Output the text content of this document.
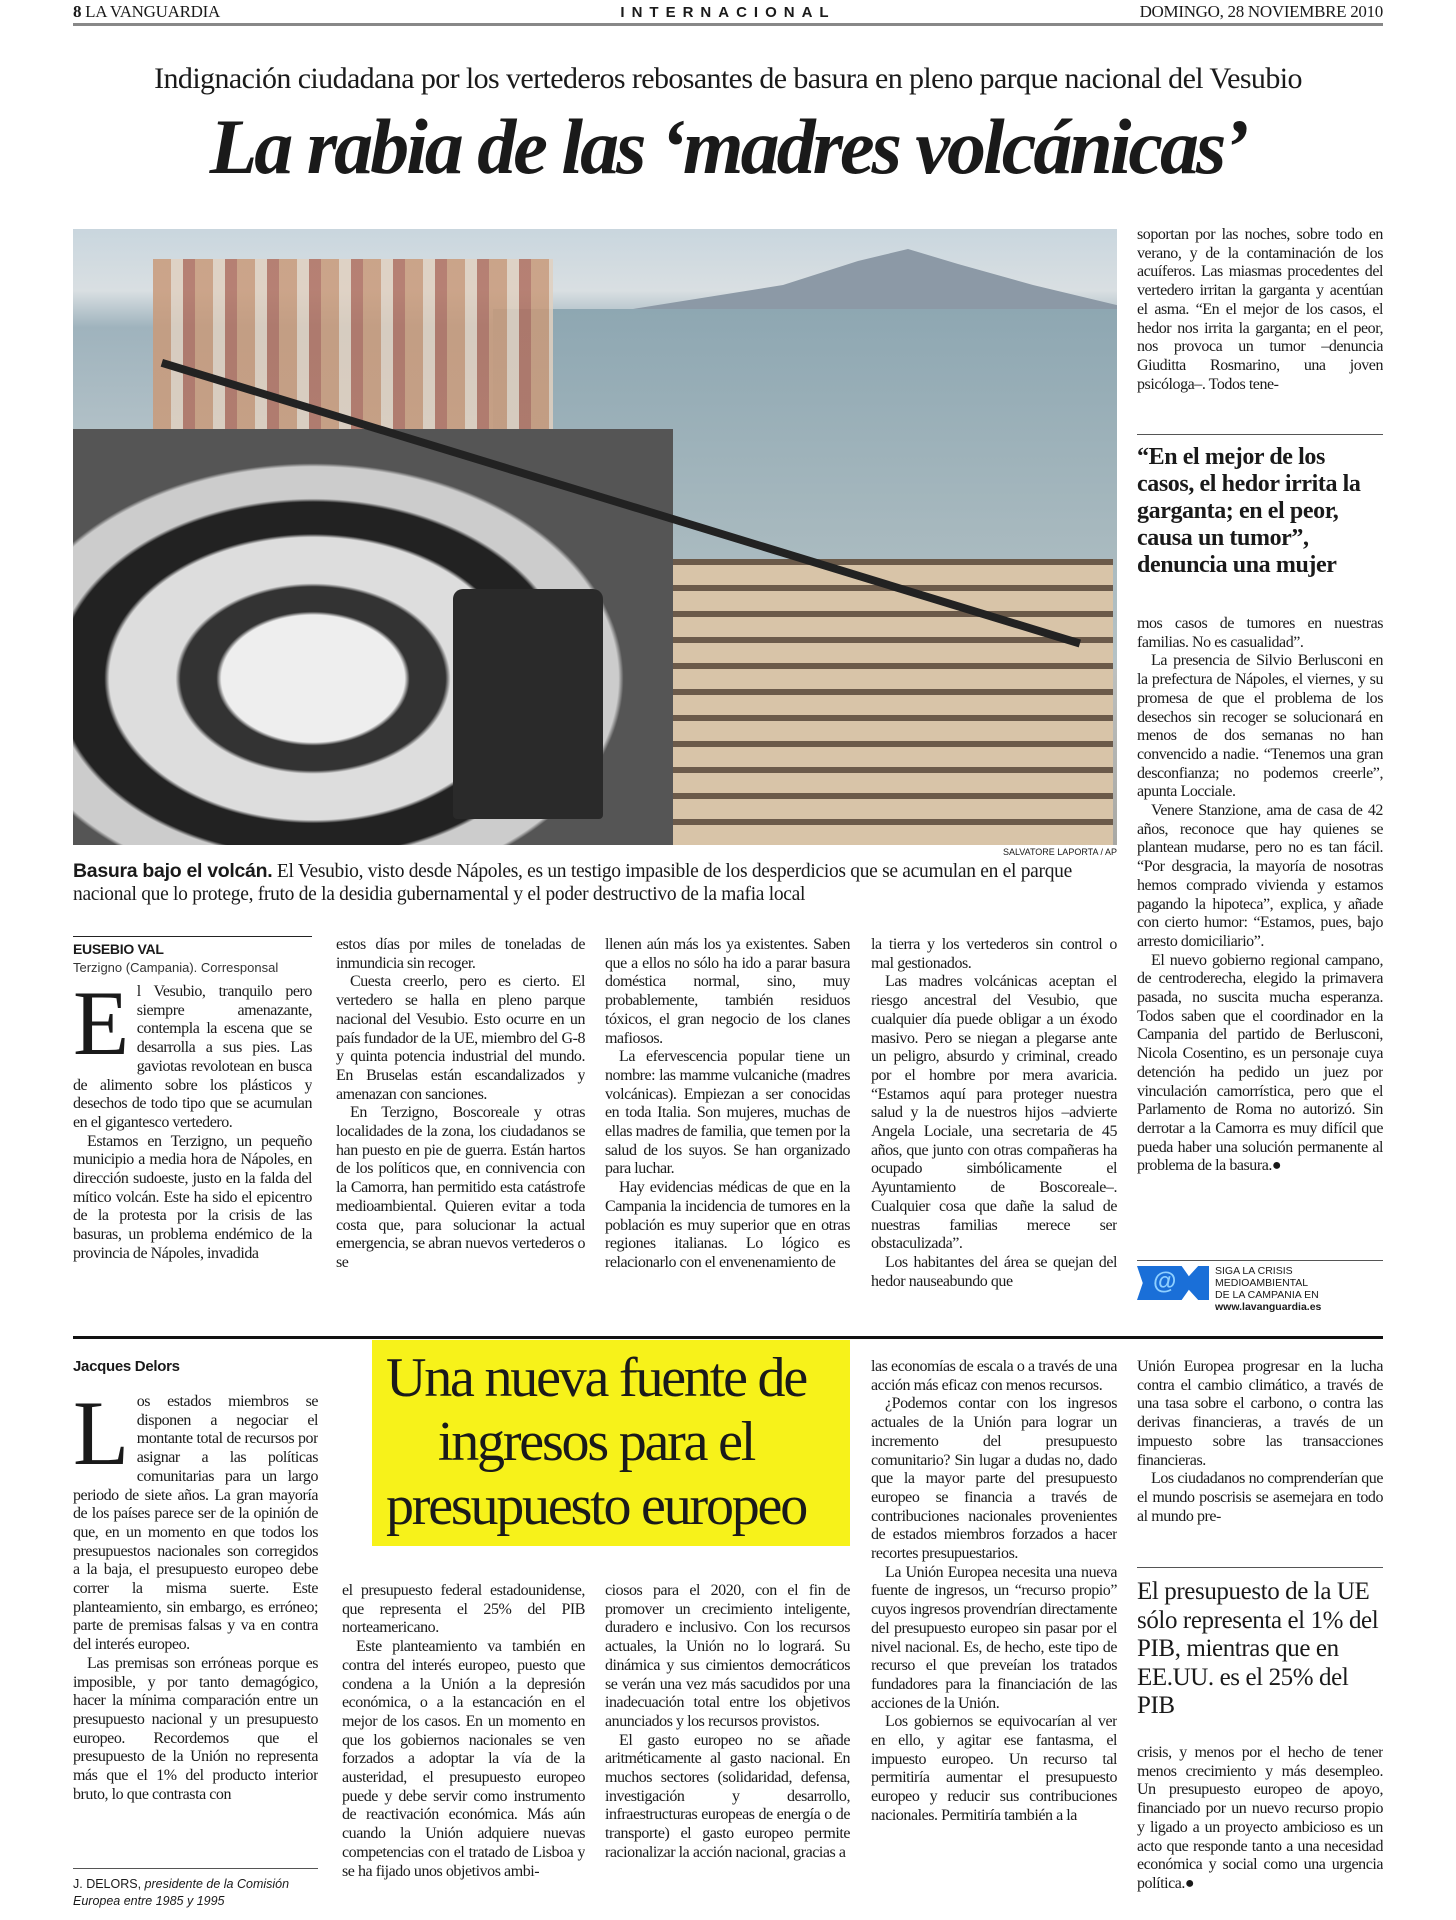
8 LA VANGUARDIA	INTERNACIONAL	DOMINGO, 28 NOVIEMBRE 2010
Indignación ciudadana por los vertederos rebosantes de basura en pleno parque nacional del Vesubio
La rabia de las ‘madres volcánicas’
SALVATORE LAPORTA / AP
Basura bajo el volcán. El Vesubio, visto desde Nápoles, es un testigo impasible de los desperdicios que se acumulan en el parque nacional que lo protege, fruto de la desidia gubernamental y el poder destructivo de la mafia local
EUSEBIO VAL
Terzigno (Campania). Corresponsal

El Vesubio, tranquilo pero siempre amenazante, contempla la escena que se desarrolla a sus pies. Las gaviotas revolotean en busca de alimento sobre los plásticos y desechos de todo tipo que se acumulan en el gigantesco vertedero.

Estamos en Terzigno, un pequeño municipio a media hora de Nápoles, en dirección sudoeste, justo en la falda del mítico volcán. Este ha sido el epicentro de la protesta por la crisis de las basuras, un problema endémico de la provincia de Nápoles, invadida

estos días por miles de toneladas de inmundicia sin recoger.

Cuesta creerlo, pero es cierto. El vertedero se halla en pleno parque nacional del Vesubio. Esto ocurre en un país fundador de la UE, miembro del G-8 y quinta potencia industrial del mundo. En Bruselas están escandalizados y amenazan con sanciones.

En Terzigno, Boscoreale y otras localidades de la zona, los ciudadanos se han puesto en pie de guerra. Están hartos de los políticos que, en connivencia con la Camorra, han permitido esta catástrofe medioambiental. Quieren evitar a toda costa que, para solucionar la actual emergencia, se abran nuevos vertederos o se

llenen aún más los ya existentes. Saben que a ellos no sólo ha ido a parar basura doméstica normal, sino, muy probablemente, también residuos tóxicos, el gran negocio de los clanes mafiosos.

La efervescencia popular tiene un nombre: las mamme vulcaniche (madres volcánicas). Empiezan a ser conocidas en toda Italia. Son mujeres, muchas de ellas madres de familia, que temen por la salud de los suyos. Se han organizado para luchar.

Hay evidencias médicas de que en la Campania la incidencia de tumores en la población es muy superior que en otras regiones italianas. Lo lógico es relacionarlo con el envenenamiento de

la tierra y los vertederos sin control o mal gestionados.

Las madres volcánicas aceptan el riesgo ancestral del Vesubio, que cualquier día puede obligar a un éxodo masivo. Pero se niegan a plegarse ante un peligro, absurdo y criminal, creado por el hombre por mera avaricia. “Estamos aquí para proteger nuestra salud y la de nuestros hijos –advierte Angela Lociale, una secretaria de 45 años, que junto con otras compañeras ha ocupado simbólicamente el Ayuntamiento de Boscoreale–. Cualquier cosa que dañe la salud de nuestras familias merece ser obstaculizada”.

Los habitantes del área se quejan del hedor nauseabundo que

soportan por las noches, sobre todo en verano, y de la contaminación de los acuíferos. Las miasmas procedentes del vertedero irritan la garganta y acentúan el asma. “En el mejor de los casos, el hedor nos irrita la garganta; en el peor, nos provoca un tumor –denuncia Giuditta Rosmarino, una joven psicóloga–. Todos tene-

“En el mejor de los casos, el hedor irrita la garganta; en el peor, causa un tumor”, denuncia una mujer

mos casos de tumores en nuestras familias. No es casualidad”.

La presencia de Silvio Berlusconi en la prefectura de Nápoles, el viernes, y su promesa de que el problema de los desechos sin recoger se solucionará en menos de dos semanas no han convencido a nadie. “Tenemos una gran desconfianza; no podemos creerle”, apunta Locciale.

Venere Stanzione, ama de casa de 42 años, reconoce que hay quienes se plantean mudarse, pero no es tan fácil. “Por desgracia, la mayoría de nosotras hemos comprado vivienda y estamos pagando la hipoteca”, explica, y añade con cierto humor: “Estamos, pues, bajo arresto domiciliario”.

El nuevo gobierno regional campano, de centroderecha, elegido la primavera pasada, no suscita mucha esperanza. Todos saben que el coordinador en la Campania del partido de Berlusconi, Nicola Cosentino, es un personaje cuya detención ha pedido un juez por vinculación camorrística, pero que el Parlamento de Roma no autorizó. Sin derrotar a la Camorra es muy difícil que pueda haber una solución permanente al problema de la basura.●

@	SIGA LA CRISIS MEDIOAMBIENTAL
DE LA CAMPANIA EN
www.lavanguardia.es
Jacques Delors

Los estados miembros se disponen a negociar el montante total de recursos por asignar a las políticas comunitarias para un largo periodo de siete años. La gran mayoría de los países parece ser de la opinión de que, en un momento en que todos los presupuestos nacionales son corregidos a la baja, el presupuesto europeo debe correr la misma suerte. Este planteamiento, sin embargo, es erróneo; parte de premisas falsas y va en contra del interés europeo.

Las premisas son erróneas porque es imposible, y por tanto demagógico, hacer la mínima comparación entre un presupuesto nacional y un presupuesto europeo. Recordemos que el presupuesto de la Unión no representa más que el 1% del producto interior bruto, lo que contrasta con

J. DELORS, presidente de la Comisión Europea entre 1985 y 1995
Una nueva fuente de ingresos para el presupuesto europeo

el presupuesto federal estadounidense, que representa el 25% del PIB norteamericano.

Este planteamiento va también en contra del interés europeo, puesto que condena a la Unión a la depresión económica, o a la estancación en el mejor de los casos. En un momento en que los gobiernos nacionales se ven forzados a adoptar la vía de la austeridad, el presupuesto europeo puede y debe servir como instrumento de reactivación económica. Más aún cuando la Unión adquiere nuevas competencias con el tratado de Lisboa y se ha fijado unos objetivos ambi-

ciosos para el 2020, con el fin de promover un crecimiento inteligente, duradero e inclusivo. Con los recursos actuales, la Unión no lo logrará. Su dinámica y sus cimientos democráticos se verán una vez más sacudidos por una inadecuación total entre los objetivos anunciados y los recursos provistos.

El gasto europeo no se añade aritméticamente al gasto nacional. En muchos sectores (solidaridad, defensa, investigación y desarrollo, infraestructuras europeas de energía o de transporte) el gasto europeo permite racionalizar la acción nacional, gracias a

las economías de escala o a través de una acción más eficaz con menos recursos.

¿Podemos contar con los ingresos actuales de la Unión para lograr un incremento del presupuesto comunitario? Sin lugar a dudas no, dado que la mayor parte del presupuesto europeo se financia a través de contribuciones nacionales provenientes de estados miembros forzados a hacer recortes presupuestarios.

La Unión Europea necesita una nueva fuente de ingresos, un “recurso propio” cuyos ingresos provendrían directamente del presupuesto europeo sin pasar por el nivel nacional. Es, de hecho, este tipo de recurso el que preveían los tratados fundadores para la financiación de las acciones de la Unión.

Los gobiernos se equivocarían al ver en ello, y agitar ese fantasma, el impuesto europeo. Un recurso tal permitiría aumentar el presupuesto europeo y reducir sus contribuciones nacionales. Permitiría también a la

Unión Europea progresar en la lucha contra el cambio climático, a través de una tasa sobre el carbono, o contra las derivas financieras, a través de un impuesto sobre las transacciones financieras.

Los ciudadanos no comprenderían que el mundo poscrisis se asemejara en todo al mundo pre-

El presupuesto de la UE sólo representa el 1% del PIB, mientras que en EE.UU. es el 25% del PIB

crisis, y menos por el hecho de tener menos crecimiento y más desempleo. Un presupuesto europeo de apoyo, financiado por un nuevo recurso propio y ligado a un proyecto ambicioso es un acto que responde tanto a una necesidad económica y social como una urgencia política.●
